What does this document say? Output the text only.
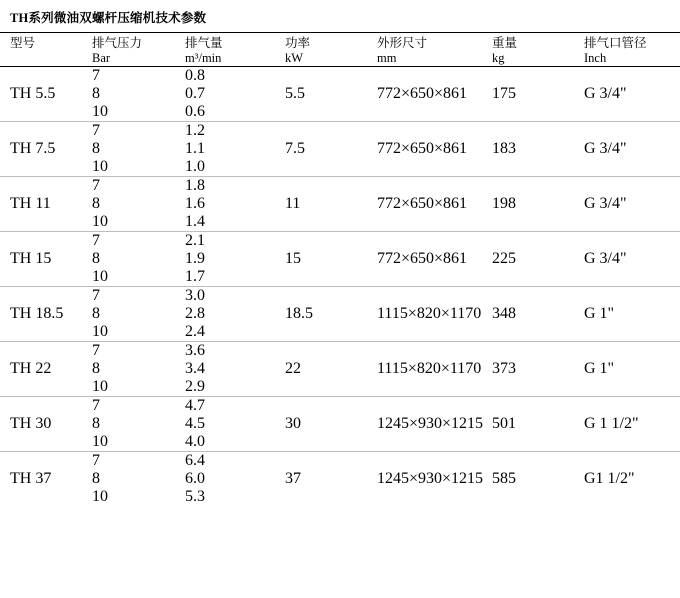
TH系列微油双螺杆压缩机技术参数

型号	排气压力	排气量	功率	外形尺寸	重量	排气口管径
	Bar	m³/min	kW	mm	kg	Inch

	7	0.8				
TH 5.5	8	0.7	5.5	772×650×861	175	G 3/4"
	10	0.6				

	7	1.2				
TH 7.5	8	1.1	7.5	772×650×861	183	G 3/4"
	10	1.0				

	7	1.8				
TH 11	8	1.6	11	772×650×861	198	G 3/4"
	10	1.4				

	7	2.1				
TH 15	8	1.9	15	772×650×861	225	G 3/4"
	10	1.7				

	7	3.0				
TH 18.5	8	2.8	18.5	1115×820×1170	348	G 1"
	10	2.4				

	7	3.6				
TH 22	8	3.4	22	1115×820×1170	373	G 1"
	10	2.9				

	7	4.7				
TH 30	8	4.5	30	1245×930×1215	501	G 1 1/2"
	10	4.0				

	7	6.4				
TH 37	8	6.0	37	1245×930×1215	585	G1 1/2"
	10	5.3				
